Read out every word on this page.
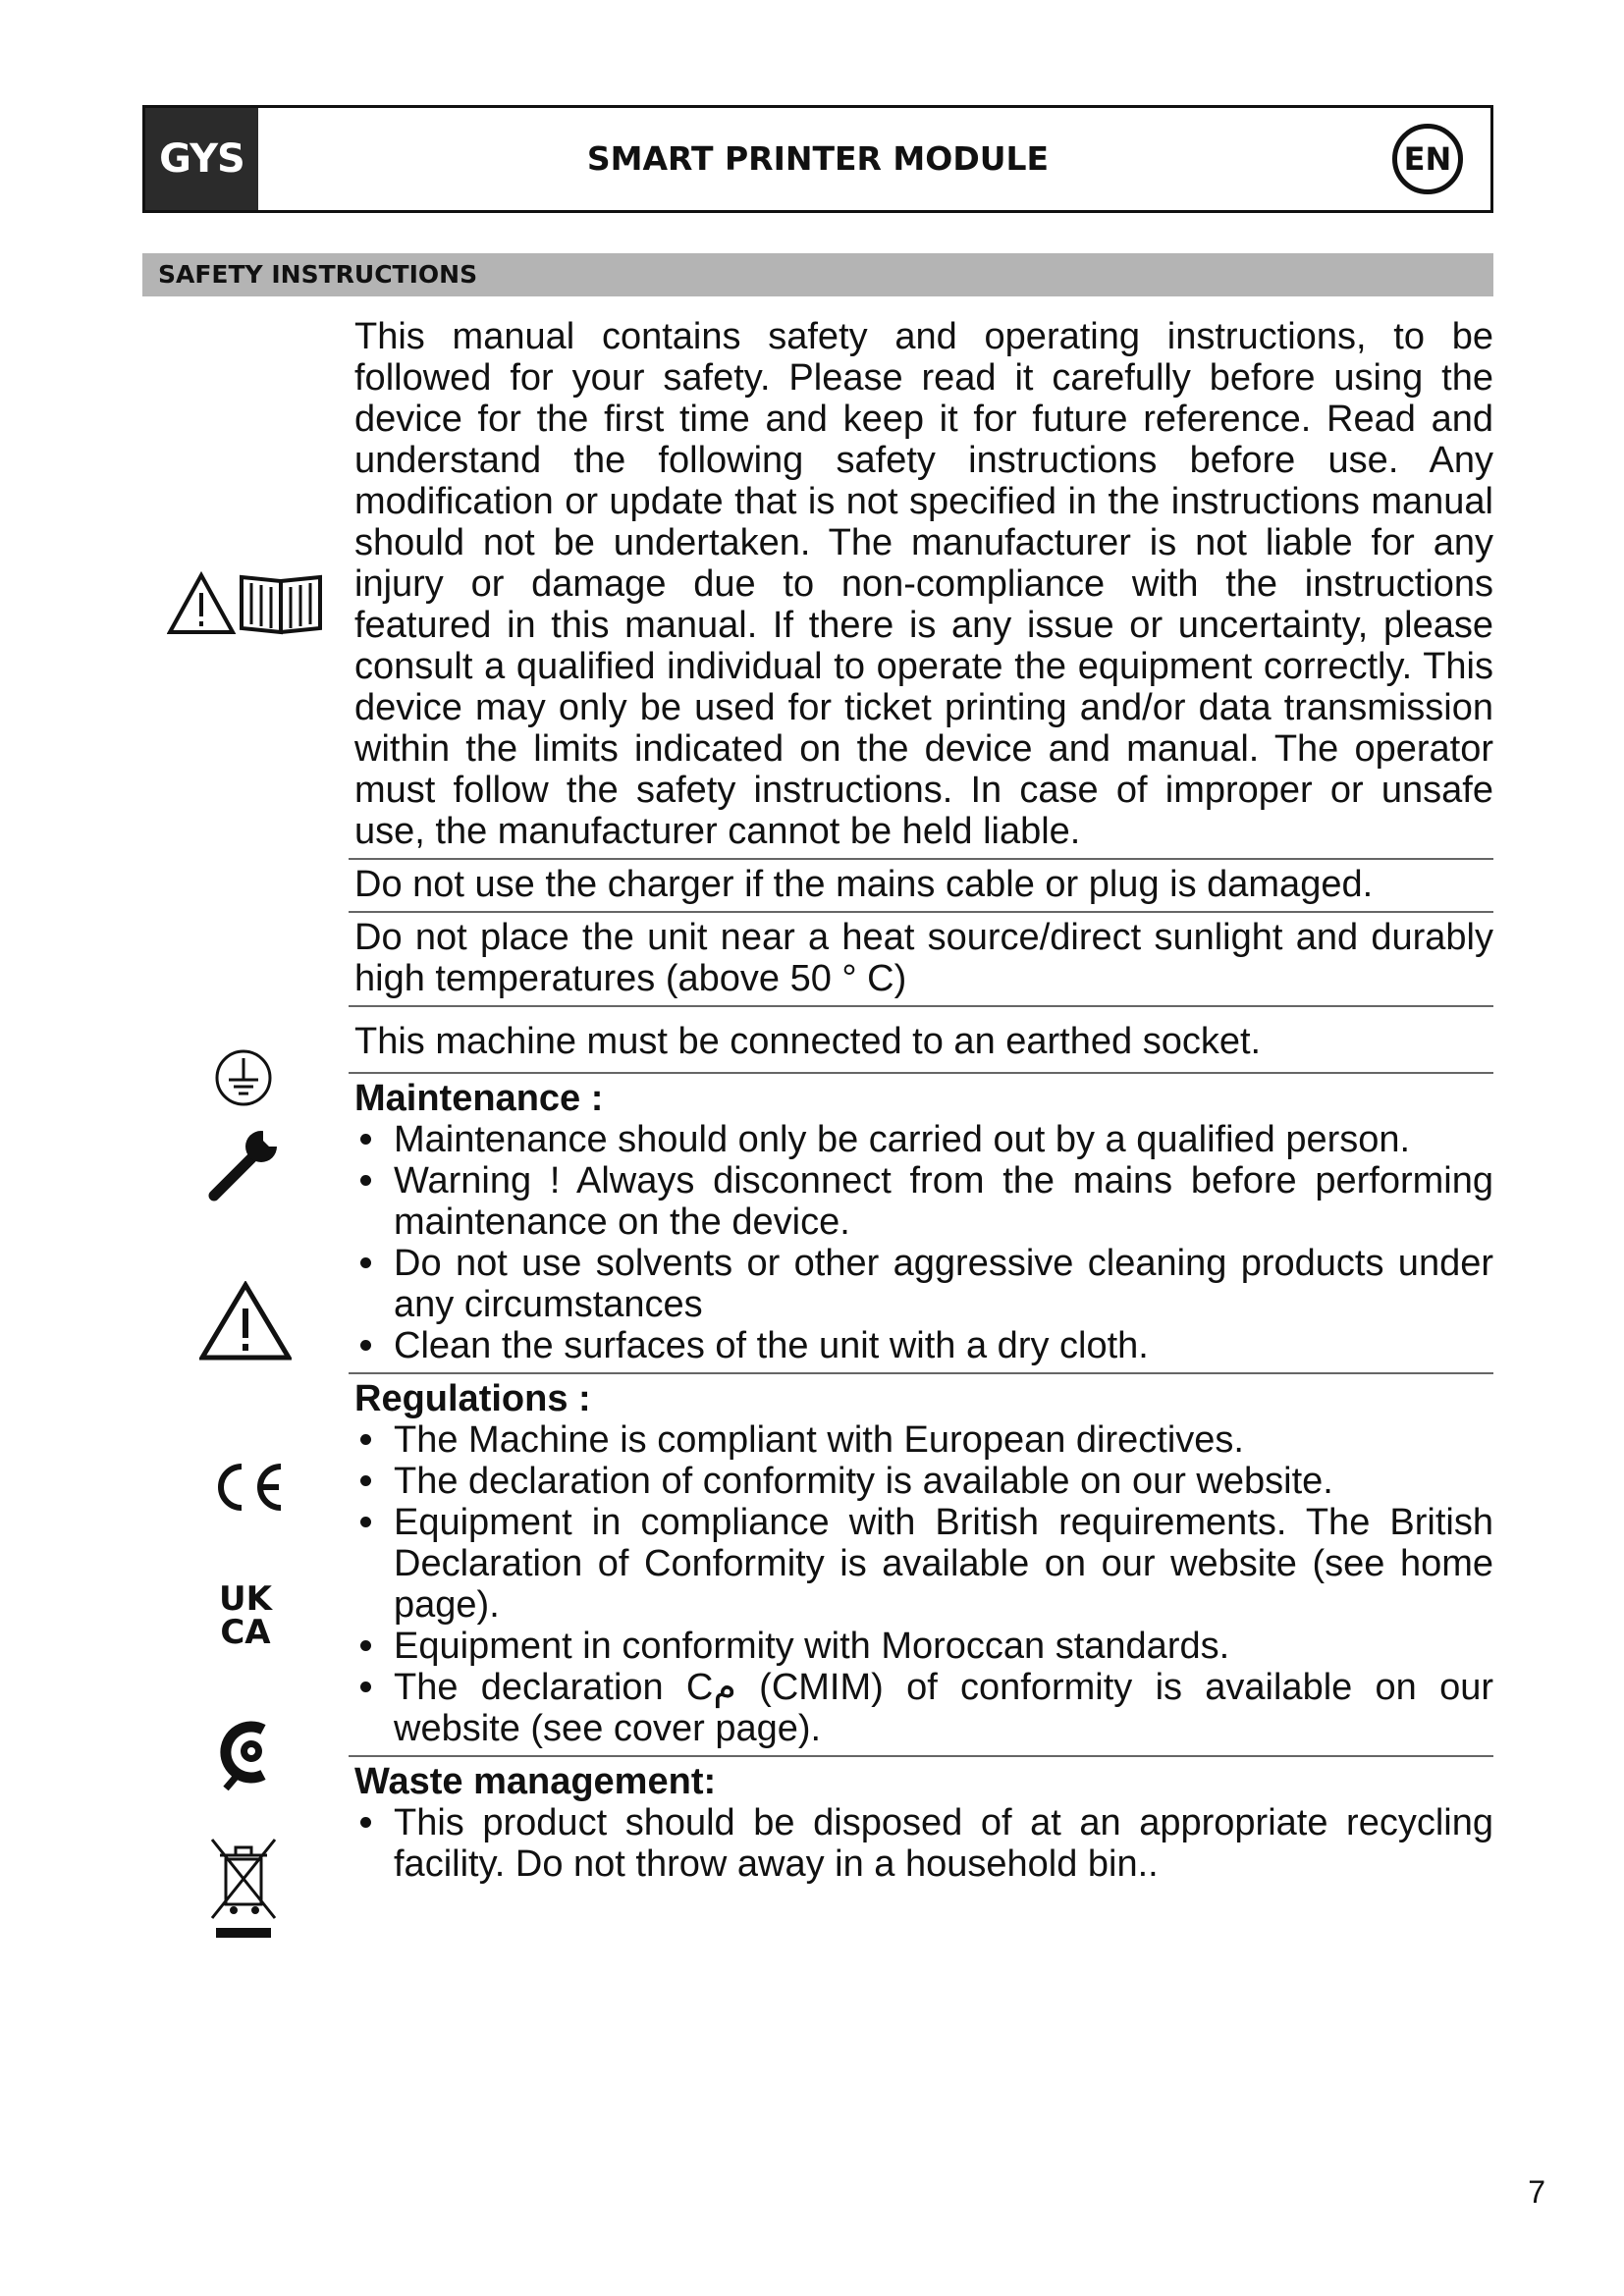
GYS	SMART PRINTER MODULE	EN
SAFETY INSTRUCTIONS
CE
UK
CA

This manual contains safety and operating instructions, to be followed for your safety. Please read it carefully before using the device for the first time and keep it for future reference. Read and understand the following safety instructions before use. Any modification or update that is not specified in the instructions manual should not be undertaken. The manufacturer is not liable for any injury or damage due to non-compliance with the instructions featured in this manual. If there is any issue or uncertainty, please consult a qualified individual to operate the equipment correctly. This device may only be used for ticket printing and/or data transmission within the limits indicated on the device and manual. The operator must follow the safety instructions. In case of improper or unsafe use, the manufacturer cannot be held liable.

Do not use the charger if the mains cable or plug is damaged.

Do not place the unit near a heat source/direct sunlight and durably high temperatures (above 50 ° C)

This machine must be connected to an earthed socket.

Maintenance :

Maintenance should only be carried out by a qualified person.
Warning ! Always disconnect from the mains before performing maintenance on the device.
Do not use solvents or other aggressive cleaning products under any circumstances
Clean the surfaces of the unit with a dry cloth.

Regulations :

The Machine is compliant with European directives.
The declaration of conformity is available on our website.
Equipment in compliance with British requirements. The British Declaration of Conformity is available on our website (see home page).
Equipment in conformity with Moroccan standards.
The declaration Cم (CMIM) of conformity is available on our website (see cover page).

Waste management:

This product should be disposed of at an appropriate recycling facility. Do not throw away in a household bin..
7
